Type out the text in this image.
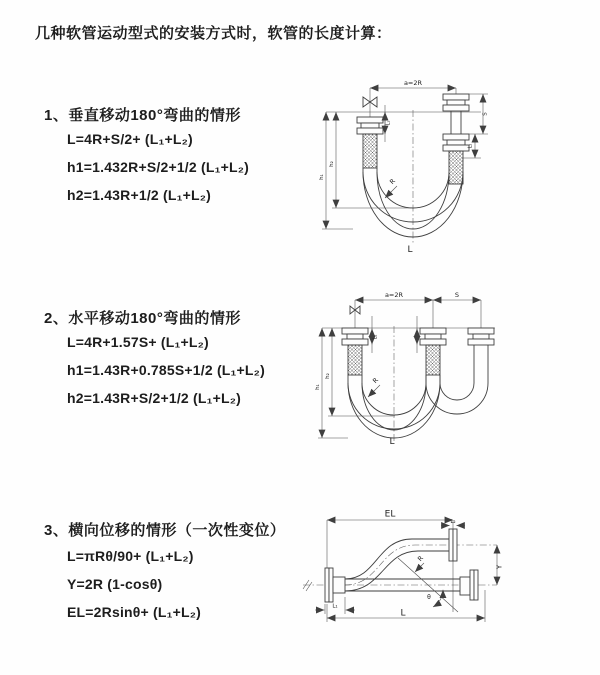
几种软管运动型式的安装方式时，软管的长度计算：
1、垂直移动180°弯曲的情形
L=4R+S/2+ (L₁+L₂)
h1=1.432R+S/2+1/2 (L₁+L₂)
h2=1.43R+1/2 (L₁+L₂)
2、水平移动180°弯曲的情形
L=4R+1.57S+ (L₁+L₂)
h1=1.43R+0.785S+1/2 (L₁+L₂)
h2=1.43R+S/2+1/2 (L₁+L₂)
3、横向位移的情形（一次性变位）
L=πRθ/90+ (L₁+L₂)
Y=2R (1-cosθ)
EL=2Rsinθ+ (L₁+L₂)
a=2R
h₁
h₂
L₁
S
L₂
R
L
a=2R	S
L₁
h₁
h₂
R
L
EL
L₂
Y
L₁
L
θ
R
